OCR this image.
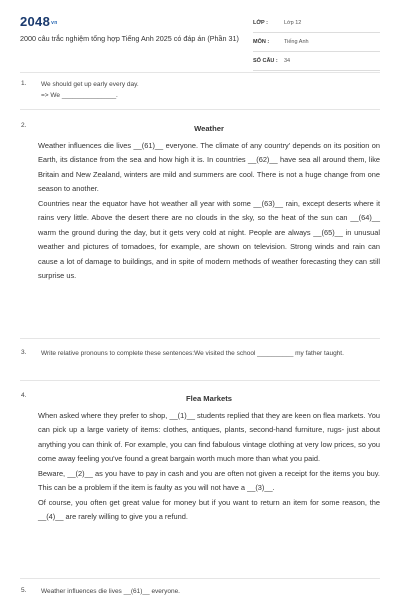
2048vn
2000 câu trắc nghiệm tổng hợp Tiếng Anh 2025 có đáp án (Phần 31)
LỚP :	Lớp 12
MÔN :	Tiếng Anh
SỐ CÂU : 34
1. We should get up early every day.
=> We _______________.
2.	Weather

Weather influences die lives __(61)__ everyone. The climate of any country' depends on its position on Earth, its distance from the sea and how high it is. In countries __(62)__ have sea all around them, like Britain and New Zealand, winters are mild and summers are cool. There is not a huge change from one season to another.

Countries near the equator have hot weather all year with some __(63)__ rain, except deserts where it rains very little. Above the desert there are no clouds in the sky, so the heat of the sun can __(64)__ warm the ground during the day, but it gets very cold at night. People are always __(65)__ in unusual weather and pictures of tornadoes, for example, are shown on television. Strong winds and rain can cause a lot of damage to buildings, and in spite of modern methods of weather forecasting they can still surprise us.

3. Write relative pronouns to complete these sentences:We visited the school __________ my father taught.
4.	Flea Markets

When asked where they prefer to shop, __(1)__ students replied that they are keen on flea markets. You can pick up a large variety of items: clothes, antiques, plants, second-hand furniture, rugs- just about anything you can think of. For example, you can find fabulous vintage clothing at very low prices, so you come away feeling you've found a great bargain worth much more than what you paid.

Beware, __(2)__ as you have to pay in cash and you are often not given a receipt for the items you buy. This can be a problem if the item is faulty as you will not have a __(3)__.

Of course, you often get great value for money but if you want to return an item for some reason, the __(4)__ are rarely willing to give you a refund.

5. Weather influences die lives __(61)__ everyone.
